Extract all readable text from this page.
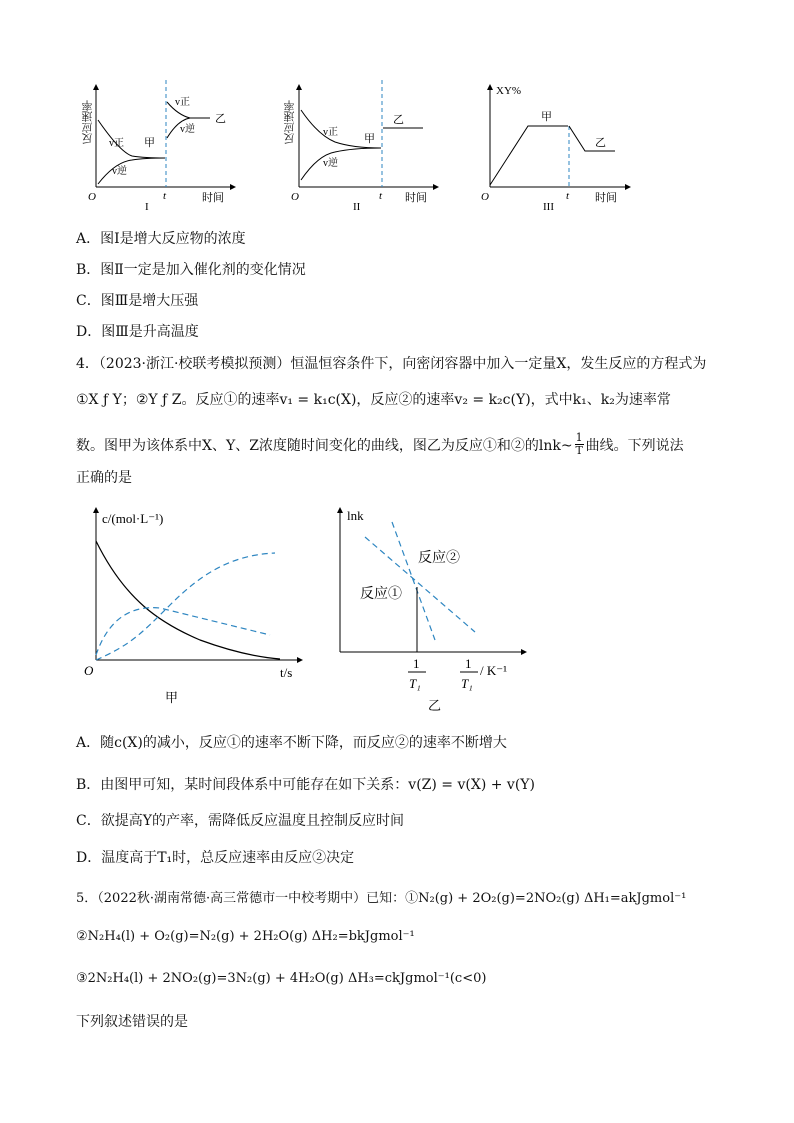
v正
v逆
甲
v正
v逆
乙
O	t	时间
I
反应速率	v正
v逆
甲
乙
O	t 时间
II
反应速率
XY%
甲
乙
O	t 时间
III
A．图Ⅰ是增大反应物的浓度
B．图Ⅱ一定是加入催化剂的变化情况
C．图Ⅲ是增大压强
D．图Ⅲ是升高温度
4．（2023·浙江·校联考模拟预测）恒温恒容条件下，向密闭容器中加入一定量X，发生反应的方程式为
①X ƒ Y；②Y ƒ Z。反应①的速率v₁ = k₁c(X)，反应②的速率v₂ = k₂c(Y)，式中k₁、k₂为速率常
数。图甲为该体系中X、Y、Z浓度随时间变化的曲线，图乙为反应①和②的lnk~ $\frac{1}{T}$ 曲线。下列说法
正确的是
c/(mol·L⁻¹)
O	t/s
甲
lnk
反应②
反应①
1
T₁
1
T₁
/ K⁻¹
乙
A．随c(X)的减小，反应①的速率不断下降，而反应②的速率不断增大
B．由图甲可知，某时间段体系中可能存在如下关系：v(Z) = v(X) + v(Y)
C．欲提高Y的产率，需降低反应温度且控制反应时间
D．温度高于T₁时，总反应速率由反应②决定
5．（2022秋·湖南常德·高三常德市一中校考期中）已知：①N₂(g) + 2O₂(g)=2NO₂(g) ΔH₁=akJgmol⁻¹
②N₂H₄(l) + O₂(g)=N₂(g) + 2H₂O(g) ΔH₂=bkJgmol⁻¹
③2N₂H₄(l) + 2NO₂(g)=3N₂(g) + 4H₂O(g) ΔH₃=ckJgmol⁻¹(c<0)
下列叙述错误的是
